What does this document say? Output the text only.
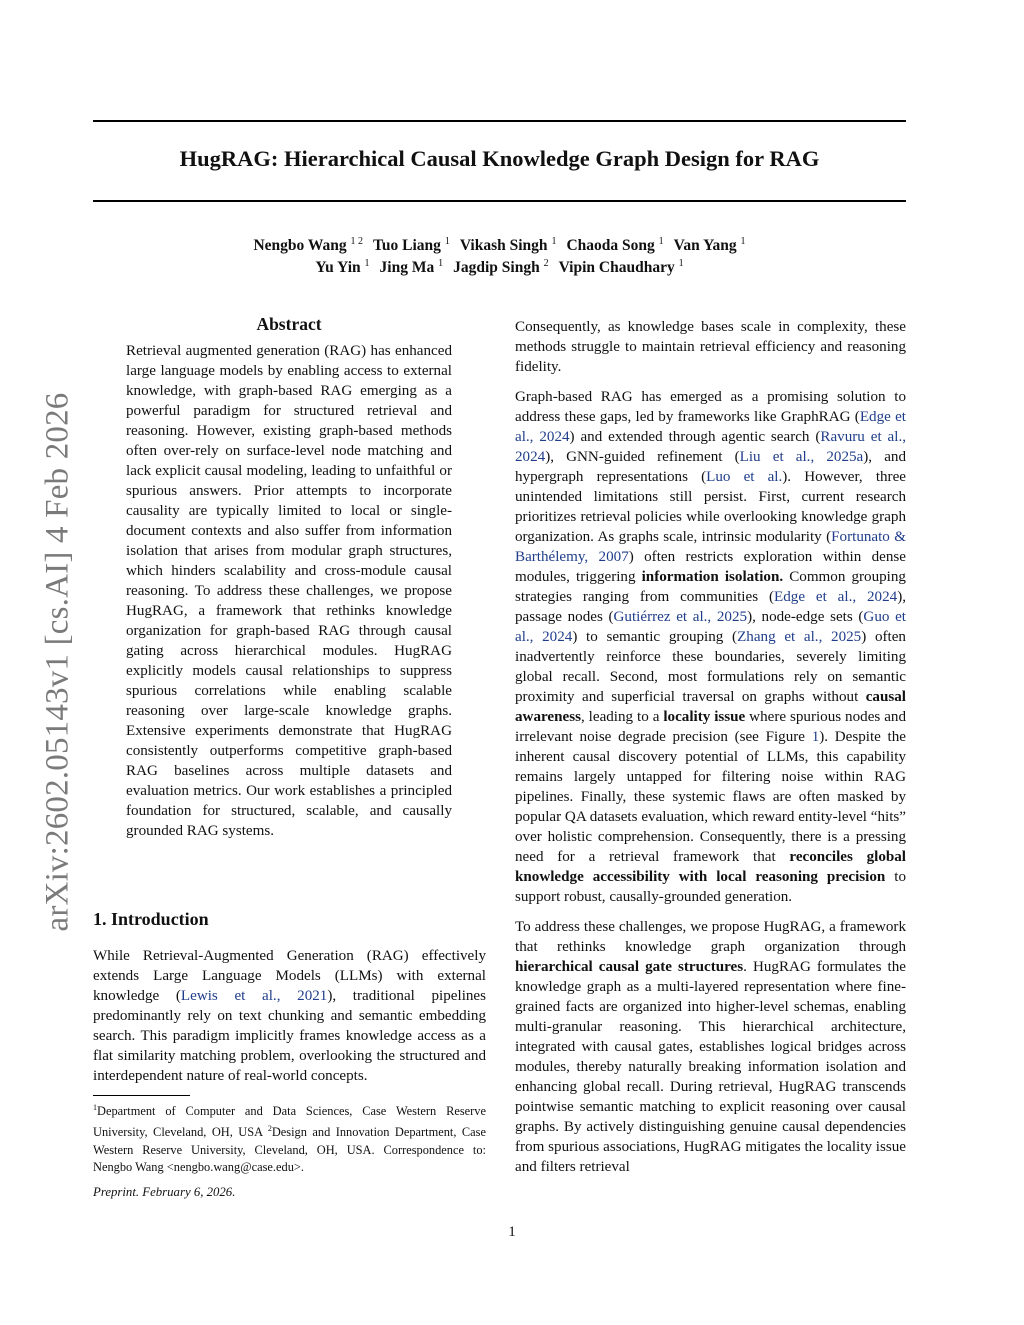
HugRAG: Hierarchical Causal Knowledge Graph Design for RAG
Nengbo Wang $^{1 2}$ Tuo Liang $^1$ Vikash Singh $^1$ Chaoda Song $^1$ Van Yang $^1$
Yu Yin $^1$ Jing Ma $^1$ Jagdip Singh $^2$ Vipin Chaudhary $^1$
arXiv:2602.05143v1 [cs.AI] 4 Feb 2026
Abstract

Retrieval augmented generation (RAG) has enhanced large language models by enabling access to external knowledge, with graph-based RAG emerging as a powerful paradigm for structured retrieval and reasoning. However, existing graph-based methods often over-rely on surface-level node matching and lack explicit causal modeling, leading to unfaithful or spurious answers. Prior attempts to incorporate causality are typically limited to local or single-document contexts and also suffer from information isolation that arises from modular graph structures, which hinders scalability and cross-module causal reasoning. To address these challenges, we propose HugRAG, a framework that rethinks knowledge organization for graph-based RAG through causal gating across hierarchical modules. HugRAG explicitly models causal relationships to suppress spurious correlations while enabling scalable reasoning over large-scale knowledge graphs. Extensive experiments demonstrate that HugRAG consistently outperforms competitive graph-based RAG baselines across multiple datasets and evaluation metrics. Our work establishes a principled foundation for structured, scalable, and causally grounded RAG systems.

1. Introduction

While Retrieval-Augmented Generation (RAG) effectively extends Large Language Models (LLMs) with external knowledge (Lewis et al., 2021), traditional pipelines predominantly rely on text chunking and semantic embedding search. This paradigm implicitly frames knowledge access as a flat similarity matching problem, overlooking the structured and interdependent nature of real-world concepts.

$^1$Department of Computer and Data Sciences, Case Western Reserve University, Cleveland, OH, USA $^2$Design and Innovation Department, Case Western Reserve University, Cleveland, OH, USA. Correspondence to: Nengbo Wang <nengbo.wang@case.edu>.
Preprint. February 6, 2026.

Consequently, as knowledge bases scale in complexity, these methods struggle to maintain retrieval efficiency and reasoning fidelity.

Graph-based RAG has emerged as a promising solution to address these gaps, led by frameworks like GraphRAG (Edge et al., 2024) and extended through agentic search (Ravuru et al., 2024), GNN-guided refinement (Liu et al., 2025a), and hypergraph representations (Luo et al.). However, three unintended limitations still persist. First, current research prioritizes retrieval policies while overlooking knowledge graph organization. As graphs scale, intrinsic modularity (Fortunato & Barthélemy, 2007) often restricts exploration within dense modules, triggering information isolation. Common grouping strategies ranging from communities (Edge et al., 2024), passage nodes (Gutiérrez et al., 2025), node-edge sets (Guo et al., 2024) to semantic grouping (Zhang et al., 2025) often inadvertently reinforce these boundaries, severely limiting global recall. Second, most formulations rely on semantic proximity and superficial traversal on graphs without causal awareness, leading to a locality issue where spurious nodes and irrelevant noise degrade precision (see Figure 1). Despite the inherent causal discovery potential of LLMs, this capability remains largely untapped for filtering noise within RAG pipelines. Finally, these systemic flaws are often masked by popular QA datasets evaluation, which reward entity-level “hits” over holistic comprehension. Consequently, there is a pressing need for a retrieval framework that reconciles global knowledge accessibility with local reasoning precision to support robust, causally-grounded generation.

To address these challenges, we propose HugRAG, a framework that rethinks knowledge graph organization through hierarchical causal gate structures. HugRAG formulates the knowledge graph as a multi-layered representation where fine-grained facts are organized into higher-level schemas, enabling multi-granular reasoning. This hierarchical architecture, integrated with causal gates, establishes logical bridges across modules, thereby naturally breaking information isolation and enhancing global recall. During retrieval, HugRAG transcends pointwise semantic matching to explicit reasoning over causal graphs. By actively distinguishing genuine causal dependencies from spurious associations, HugRAG mitigates the locality issue and filters retrieval

1
